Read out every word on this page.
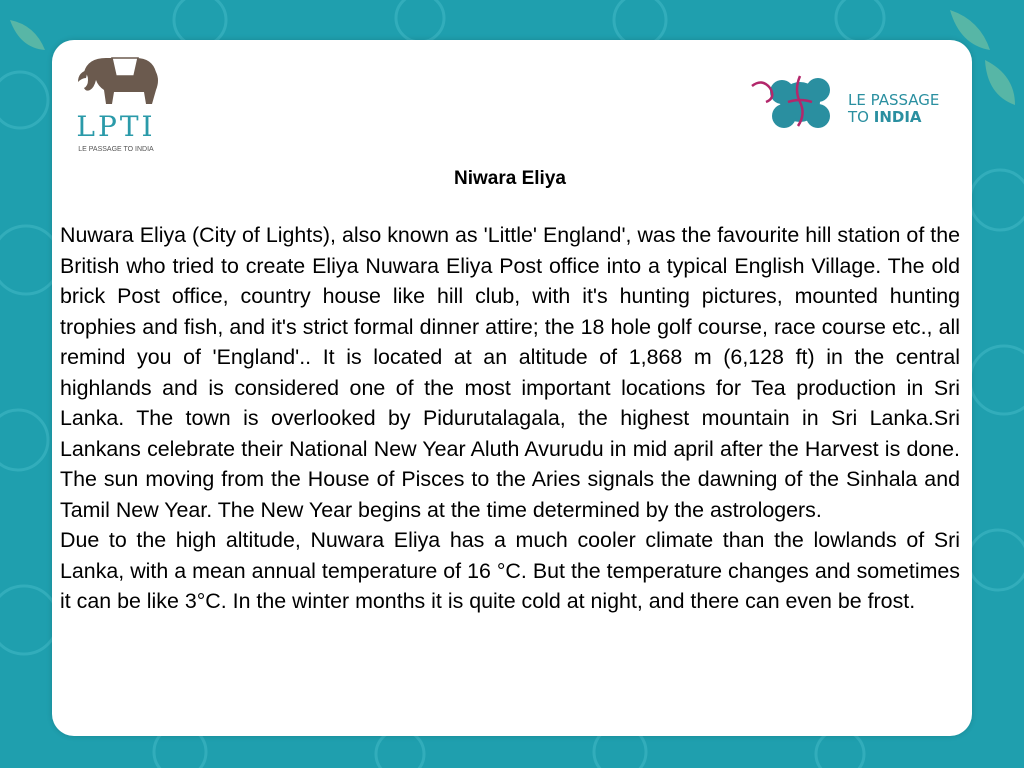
LPTI
LE PASSAGE TO INDIA
LE PASSAGE
TO INDIA
Niwara Eliya

Nuwara Eliya (City of Lights), also known as 'Little' England', was the favourite hill station of the British who tried to create Eliya Nuwara Eliya Post office into a typical English Village. The old brick Post office, country house like hill club, with it's hunting pictures, mounted hunting trophies and fish, and it's strict formal dinner attire; the 18 hole golf course, race course etc., all remind you of 'England'.. It is located at an altitude of 1,868 m (6,128 ft) in the central highlands and is considered one of the most important locations for Tea production in Sri Lanka. The town is overlooked by Pidurutalagala, the highest mountain in Sri Lanka.Sri Lankans celebrate their National New Year Aluth Avurudu in mid april after the Harvest is done. The sun moving from the House of Pisces to the Aries signals the dawning of the Sinhala and Tamil New Year. The New Year begins at the time determined by the astrologers.

Due to the high altitude, Nuwara Eliya has a much cooler climate than the lowlands of Sri Lanka, with a mean annual temperature of 16 °C. But the temperature changes and sometimes it can be like 3°C. In the winter months it is quite cold at night, and there can even be frost.
